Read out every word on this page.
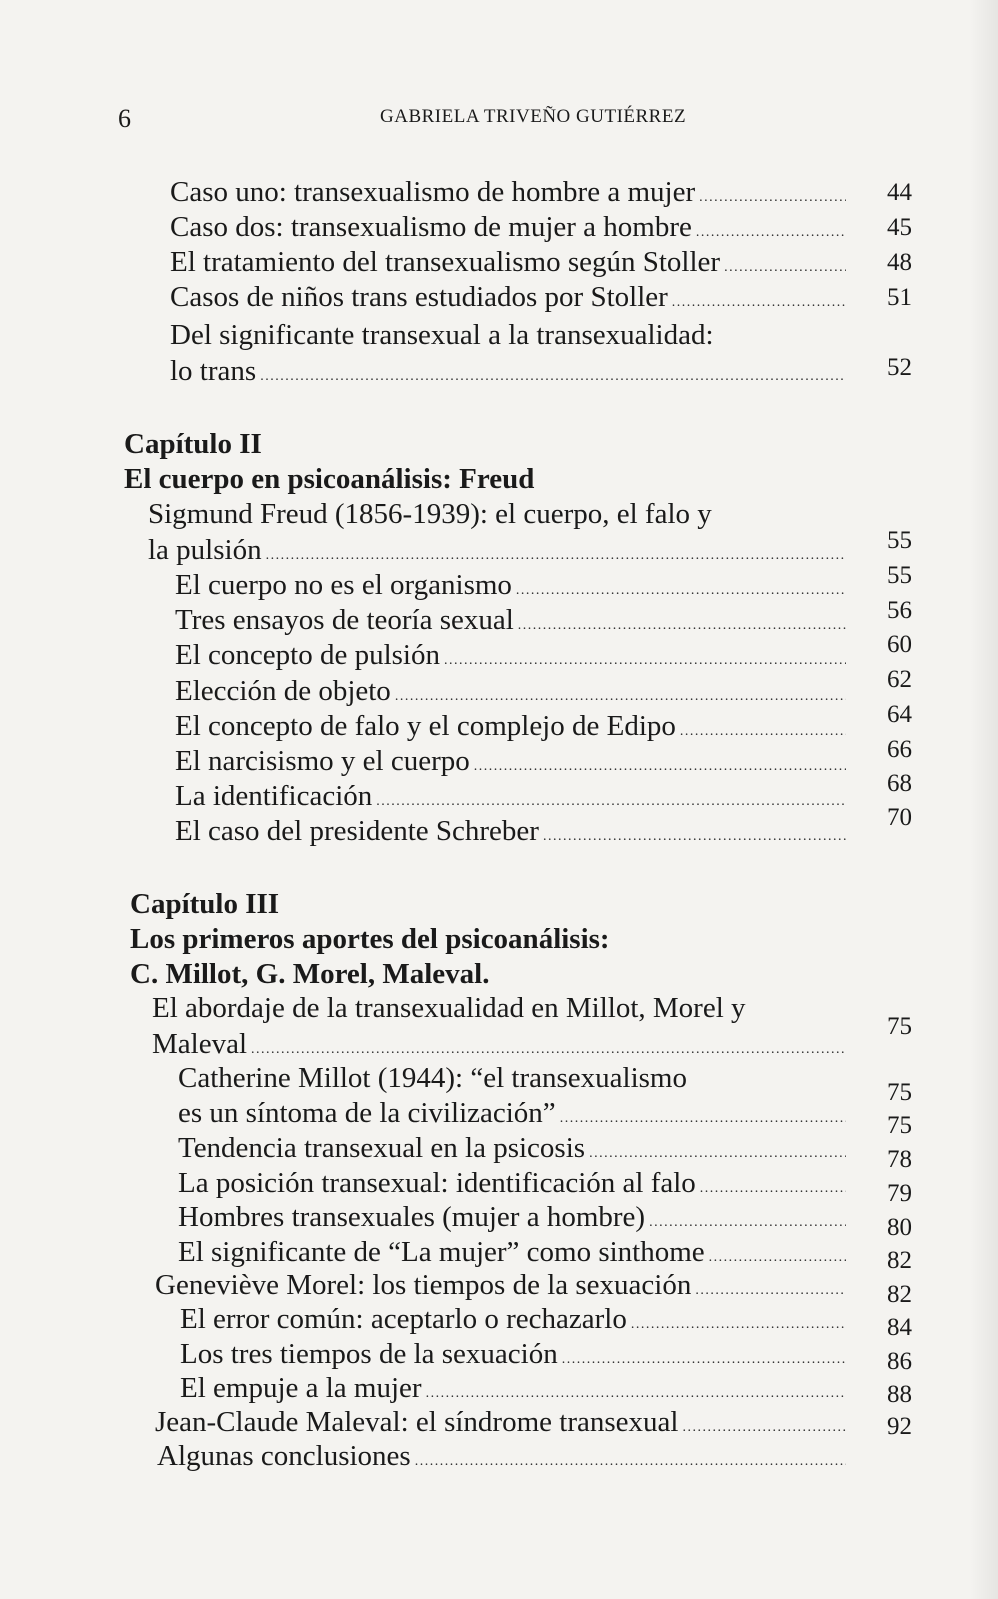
6	GABRIELA TRIVEÑO GUTIÉRREZ
Caso uno: transexualismo de hombre a mujer
.....
Caso dos: transexualismo de mujer a hombre
.....
El tratamiento del transexualismo según Stoller
.....
Casos de niños trans estudiados por Stoller
.....
Del significante transexual a la transexualidad:
lo trans
.....
44
45
48
51
52
Capítulo II
El cuerpo en psicoanálisis: Freud
Sigmund Freud (1856-1939): el cuerpo, el falo y
la pulsión
.....
El cuerpo no es el organismo
.....
Tres ensayos de teoría sexual
.....
El concepto de pulsión
.....
Elección de objeto
.....
El concepto de falo y el complejo de Edipo
.....
El narcisismo y el cuerpo
.....
La identificación
.....
El caso del presidente Schreber
.....
55
55
56
60
62
64
66
68
70
Capítulo III
Los primeros aportes del psicoanálisis:
C. Millot, G. Morel, Maleval.
El abordaje de la transexualidad en Millot, Morel y
Maleval
.....
Catherine Millot (1944): “el transexualismo
es un síntoma de la civilización”
.....
Tendencia transexual en la psicosis
.....
La posición transexual: identificación al falo
.....
Hombres transexuales (mujer a hombre)
.....
El significante de “La mujer” como sinthome
.....
Geneviève Morel: los tiempos de la sexuación
.....
El error común: aceptarlo o rechazarlo
.....
Los tres tiempos de la sexuación
.....
El empuje a la mujer
.....
Jean-Claude Maleval: el síndrome transexual
.....
Algunas conclusiones
.....
75
75
75
78
79
80
82
82
84
86
88
92
